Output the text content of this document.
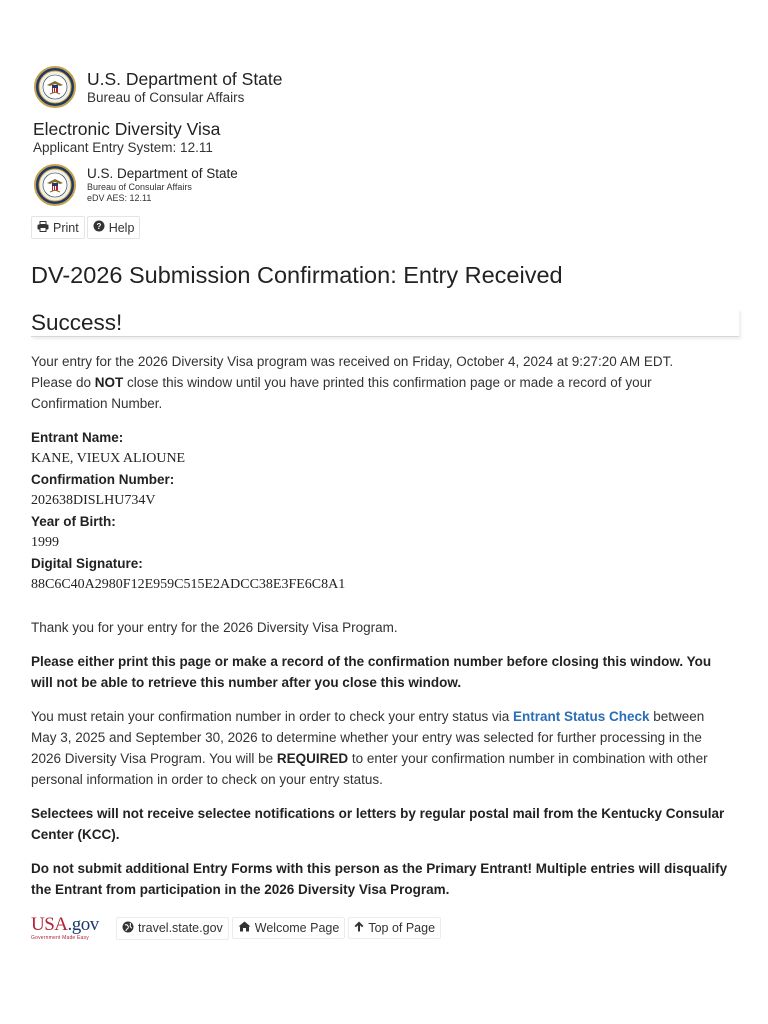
U.S. Department of State
Bureau of Consular Affairs
Electronic Diversity Visa
Applicant Entry System: 12.11
U.S. Department of State
Bureau of Consular Affairs
eDV AES: 12.11
Print ? Help
DV-2026 Submission Confirmation: Entry Received
Success!

Your entry for the 2026 Diversity Visa program was received on Friday, October 4, 2024 at 9:27:20 AM EDT.
Please do NOT close this window until you have printed this confirmation page or made a record of your Confirmation Number.

Entrant Name:
KANE, VIEUX ALIOUNE
Confirmation Number:
202638DISLHU734V
Year of Birth:
1999
Digital Signature:
88C6C40A2980F12E959C515E2ADCC38E3FE6C8A1

Thank you for your entry for the 2026 Diversity Visa Program.

Please either print this page or make a record of the confirmation number before closing this window. You will not be able to retrieve this number after you close this window.

You must retain your confirmation number in order to check your entry status via Entrant Status Check between May 3, 2025 and September 30, 2026 to determine whether your entry was selected for further processing in the 2026 Diversity Visa Program. You will be REQUIRED to enter your confirmation number in combination with other personal information in order to check on your entry status.

Selectees will not receive selectee notifications or letters by regular postal mail from the Kentucky Consular Center (KCC).

Do not submit additional Entry Forms with this person as the Primary Entrant! Multiple entries will disqualify the Entrant from participation in the 2026 Diversity Visa Program.

USA.gov
Government Made Easy
travel.state.gov	Welcome Page Top of Page
